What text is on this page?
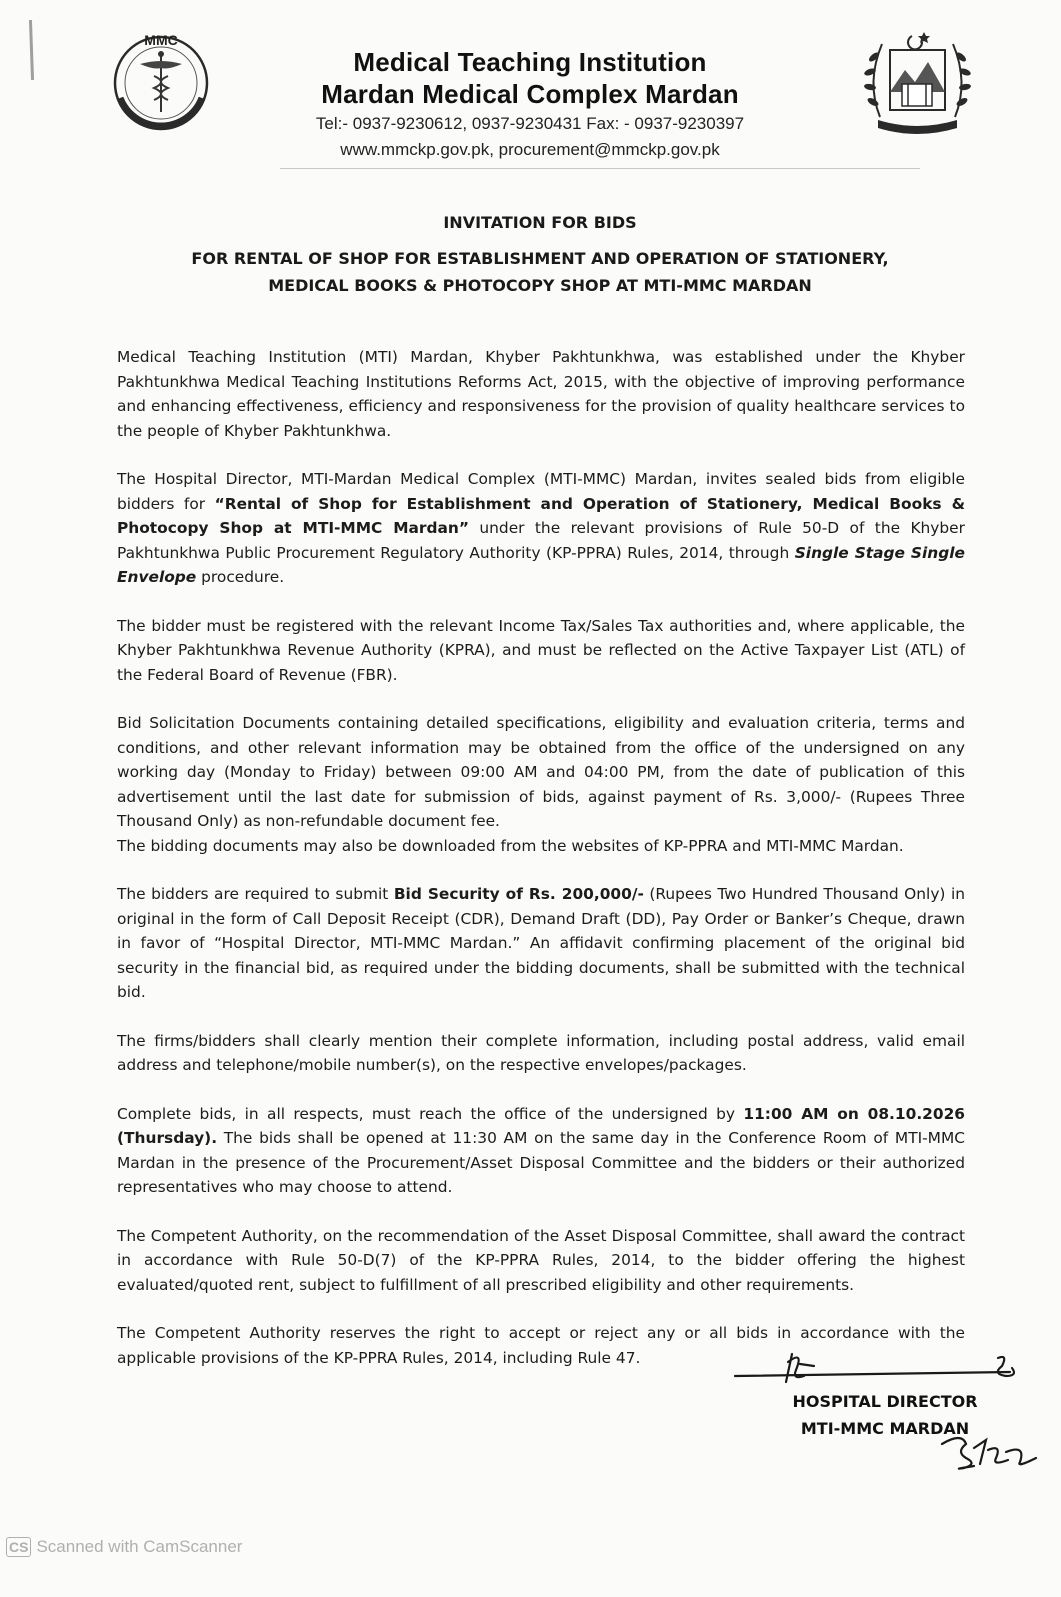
MMC
Medical Teaching Institution
Mardan Medical Complex Mardan
Tel:- 0937-9230612, 0937-9230431 Fax: - 0937-9230397
www.mmckp.gov.pk, procurement@mmckp.gov.pk
INVITATION FOR BIDS
FOR RENTAL OF SHOP FOR ESTABLISHMENT AND OPERATION OF STATIONERY,
MEDICAL BOOKS & PHOTOCOPY SHOP AT MTI-MMC MARDAN

Medical Teaching Institution (MTI) Mardan, Khyber Pakhtunkhwa, was established under the Khyber Pakhtunkhwa Medical Teaching Institutions Reforms Act, 2015, with the objective of improving performance and enhancing effectiveness, efficiency and responsiveness for the provision of quality healthcare services to the people of Khyber Pakhtunkhwa.

The Hospital Director, MTI-Mardan Medical Complex (MTI-MMC) Mardan, invites sealed bids from eligible bidders for “Rental of Shop for Establishment and Operation of Stationery, Medical Books & Photocopy Shop at MTI-MMC Mardan” under the relevant provisions of Rule 50-D of the Khyber Pakhtunkhwa Public Procurement Regulatory Authority (KP-PPRA) Rules, 2014, through Single Stage Single Envelope procedure.

The bidder must be registered with the relevant Income Tax/Sales Tax authorities and, where applicable, the Khyber Pakhtunkhwa Revenue Authority (KPRA), and must be reflected on the Active Taxpayer List (ATL) of the Federal Board of Revenue (FBR).

Bid Solicitation Documents containing detailed specifications, eligibility and evaluation criteria, terms and conditions, and other relevant information may be obtained from the office of the undersigned on any working day (Monday to Friday) between 09:00 AM and 04:00 PM, from the date of publication of this advertisement until the last date for submission of bids, against payment of Rs. 3,000/- (Rupees Three Thousand Only) as non-refundable document fee.

The bidding documents may also be downloaded from the websites of KP-PPRA and MTI-MMC Mardan.

The bidders are required to submit Bid Security of Rs. 200,000/- (Rupees Two Hundred Thousand Only) in original in the form of Call Deposit Receipt (CDR), Demand Draft (DD), Pay Order or Banker’s Cheque, drawn in favor of “Hospital Director, MTI-MMC Mardan.” An affidavit confirming placement of the original bid security in the financial bid, as required under the bidding documents, shall be submitted with the technical bid.

The firms/bidders shall clearly mention their complete information, including postal address, valid email address and telephone/mobile number(s), on the respective envelopes/packages.

Complete bids, in all respects, must reach the office of the undersigned by 11:00 AM on 08.10.2026 (Thursday). The bids shall be opened at 11:30 AM on the same day in the Conference Room of MTI-MMC Mardan in the presence of the Procurement/Asset Disposal Committee and the bidders or their authorized representatives who may choose to attend.

The Competent Authority, on the recommendation of the Asset Disposal Committee, shall award the contract in accordance with Rule 50-D(7) of the KP-PPRA Rules, 2014, to the bidder offering the highest evaluated/quoted rent, subject to fulfillment of all prescribed eligibility and other requirements.

The Competent Authority reserves the right to accept or reject any or all bids in accordance with the applicable provisions of the KP-PPRA Rules, 2014, including Rule 47.

HOSPITAL DIRECTOR
MTI-MMC MARDAN
CS Scanned with CamScanner
